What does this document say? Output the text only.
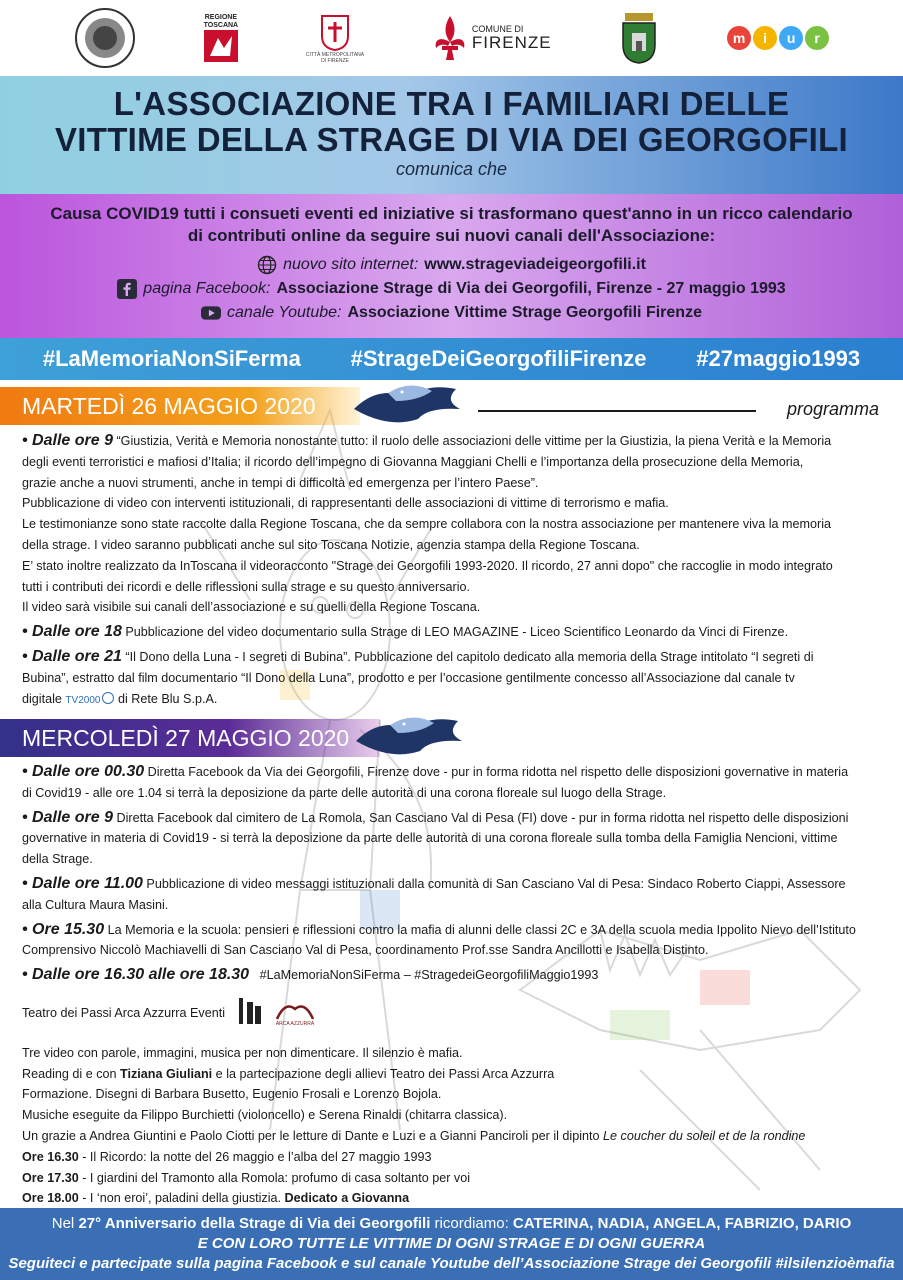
REGIONE
TOSCANA
CITTÀ METROPOLITANA
DI FIRENZE
COMUNE DI
FIRENZE	m	i	u	r
L'ASSOCIAZIONE TRA I FAMILIARI DELLE
VITTIME DELLA STRAGE DI VIA DEI GEORGOFILI
comunica che
Causa COVID19 tutti i consueti eventi ed iniziative si trasformano quest'anno in un ricco calendario
di contributi online da seguire sui nuovi canali dell'Associazione:
nuovo sito internet: www.strageviadeigeorgofili.it
pagina Facebook: Associazione Strage di Via dei Georgofili, Firenze - 27 maggio 1993
canale Youtube: Associazione Vittime Strage Georgofili Firenze
#LaMemoriaNonSiFerma #StrageDeiGeorgofiliFirenze #27maggio1993
MARTEDÌ 26 MAGGIO 2020	programma

• Dalle ore 9 “Giustizia, Verità e Memoria nonostante tutto: il ruolo delle associazioni delle vittime per la Giustizia, la piena Verità e la Memoria

degli eventi terroristici e mafiosi d’Italia; il ricordo dell’impegno di Giovanna Maggiani Chelli e l’importanza della prosecuzione della Memoria,

grazie anche a nuovi strumenti, anche in tempi di difficoltà ed emergenza per l’intero Paese”.

Pubblicazione di video con interventi istituzionali, di rappresentanti delle associazioni di vittime di terrorismo e mafia.

Le testimonianze sono state raccolte dalla Regione Toscana, che da sempre collabora con la nostra associazione per mantenere viva la memoria

della strage. I video saranno pubblicati anche sul sito Toscana Notizie, agenzia stampa della Regione Toscana.

E’ stato inoltre realizzato da InToscana il videoracconto "Strage dei Georgofili 1993-2020. Il ricordo, 27 anni dopo" che raccoglie in modo integrato

tutti i contributi dei ricordi e delle riflessioni sulla strage e su questo anniversario.

Il video sarà visibile sui canali dell’associazione e su quelli della Regione Toscana.

• Dalle ore 18 Pubblicazione del video documentario sulla Strage di LEO MAGAZINE - Liceo Scientifico Leonardo da Vinci di Firenze.

• Dalle ore 21 “Il Dono della Luna - I segreti di Bubina”. Pubblicazione del capitolo dedicato alla memoria della Strage intitolato “I segreti di

Bubina”, estratto dal film documentario “Il Dono della Luna”, prodotto e per l’occasione gentilmente concesso all’Associazione dal canale tv

digitale TV2000 di Rete Blu S.p.A.

MERCOLEDÌ 27 MAGGIO 2020

• Dalle ore 00.30 Diretta Facebook da Via dei Georgofili, Firenze dove - pur in forma ridotta nel rispetto delle disposizioni governative in materia

di Covid19 - alle ore 1.04 si terrà la deposizione da parte delle autorità di una corona floreale sul luogo della Strage.

• Dalle ore 9 Diretta Facebook dal cimitero de La Romola, San Casciano Val di Pesa (FI) dove - pur in forma ridotta nel rispetto delle disposizioni

governative in materia di Covid19 - si terrà la deposizione da parte delle autorità di una corona floreale sulla tomba della Famiglia Nencioni, vittime

della Strage.

• Dalle ore 11.00 Pubblicazione di video messaggi istituzionali dalla comunità di San Casciano Val di Pesa: Sindaco Roberto Ciappi, Assessore

alla Cultura Maura Masini.

• Ore 15.30 La Memoria e la scuola: pensieri e riflessioni contro la mafia di alunni delle classi 2C e 3A della scuola media Ippolito Nievo dell’Istituto

Comprensivo Niccolò Machiavelli di San Casciano Val di Pesa, coordinamento Prof.sse Sandra Ancillotti e Isabella Distinto.

• Dalle ore 16.30 alle ore 18.30 #LaMemoriaNonSiFerma – #StragedeiGeorgofiliMaggio1993

Teatro dei Passi Arca Azzurra Eventi
ARCA AZZURRA

Tre video con parole, immagini, musica per non dimenticare. Il silenzio è mafia.

Reading di e con Tiziana Giuliani e la partecipazione degli allievi Teatro dei Passi Arca Azzurra

Formazione. Disegni di Barbara Busetto, Eugenio Frosali e Lorenzo Bojola.

Musiche eseguite da Filippo Burchietti (violoncello) e Serena Rinaldi (chitarra classica).

Un grazie a Andrea Giuntini e Paolo Ciotti per le letture di Dante e Luzi e a Gianni Panciroli per il dipinto Le coucher du soleil et de la rondine

Ore 16.30 - Il Ricordo: la notte del 26 maggio e l’alba del 27 maggio 1993

Ore 17.30 - I giardini del Tramonto alla Romola: profumo di casa soltanto per voi

Ore 18.00 - I ‘non eroi’, paladini della giustizia. Dedicato a Giovanna

Nel 27° Anniversario della Strage di Via dei Georgofili ricordiamo: CATERINA, NADIA, ANGELA, FABRIZIO, DARIO
E CON LORO TUTTE LE VITTIME DI OGNI STRAGE E DI OGNI GUERRA
Seguiteci e partecipate sulla pagina Facebook e sul canale Youtube dell’Associazione Strage dei Georgofili #ilsilenzioèmafia
